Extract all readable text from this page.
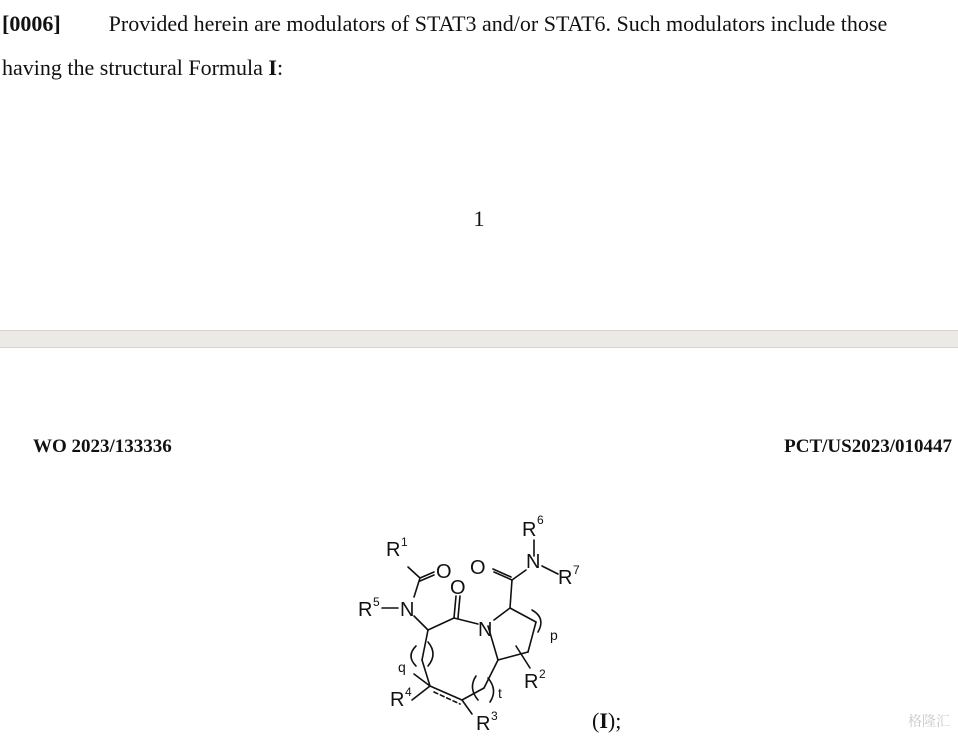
[0006] Provided herein are modulators of STAT3 and/or STAT6. Such modulators include those having the structural Formula I:
1
WO 2023/133336	PCT/US2023/010447
R 1
O
R 5 N
O
N
O N
R 6
R 7
p
q
t R 2
R 4
R 3	(I);	格隆汇
